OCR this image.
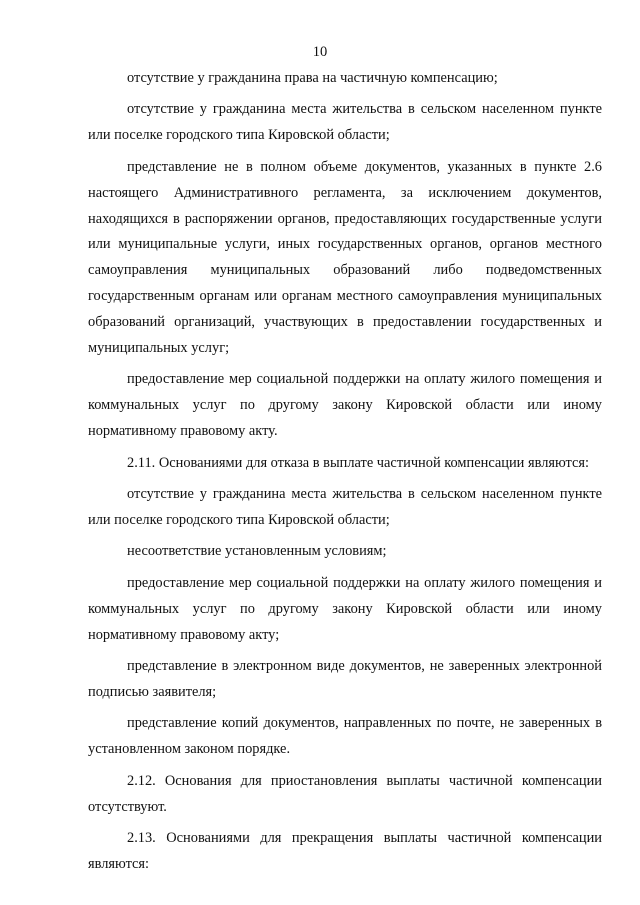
10

отсутствие у гражданина права на частичную компенсацию;

отсутствие у гражданина места жительства в сельском населенном пункте или поселке городского типа Кировской области;

представление не в полном объеме документов, указанных в пункте 2.6 настоящего Административного регламента, за исключением документов, находящихся в распоряжении органов, предоставляющих государственные услуги или муниципальные услуги, иных государственных органов, органов местного самоуправления муниципальных образований либо подведомственных государственным органам или органам местного самоуправления муниципальных образований организаций, участвующих в предоставлении государственных и муниципальных услуг;

предоставление мер социальной поддержки на оплату жилого помещения и коммунальных услуг по другому закону Кировской области или иному нормативному правовому акту.

2.11. Основаниями для отказа в выплате частичной компенсации являются:

отсутствие у гражданина места жительства в сельском населенном пункте или поселке городского типа Кировской области;

несоответствие установленным условиям;

предоставление мер социальной поддержки на оплату жилого помещения и коммунальных услуг по другому закону Кировской области или иному нормативному правовому акту;

представление в электронном виде документов, не заверенных электронной подписью заявителя;

представление копий документов, направленных по почте, не заверенных в установленном законом порядке.

2.12. Основания для приостановления выплаты частичной компенсации отсутствуют.

2.13. Основаниями для прекращения выплаты частичной компенсации являются:
